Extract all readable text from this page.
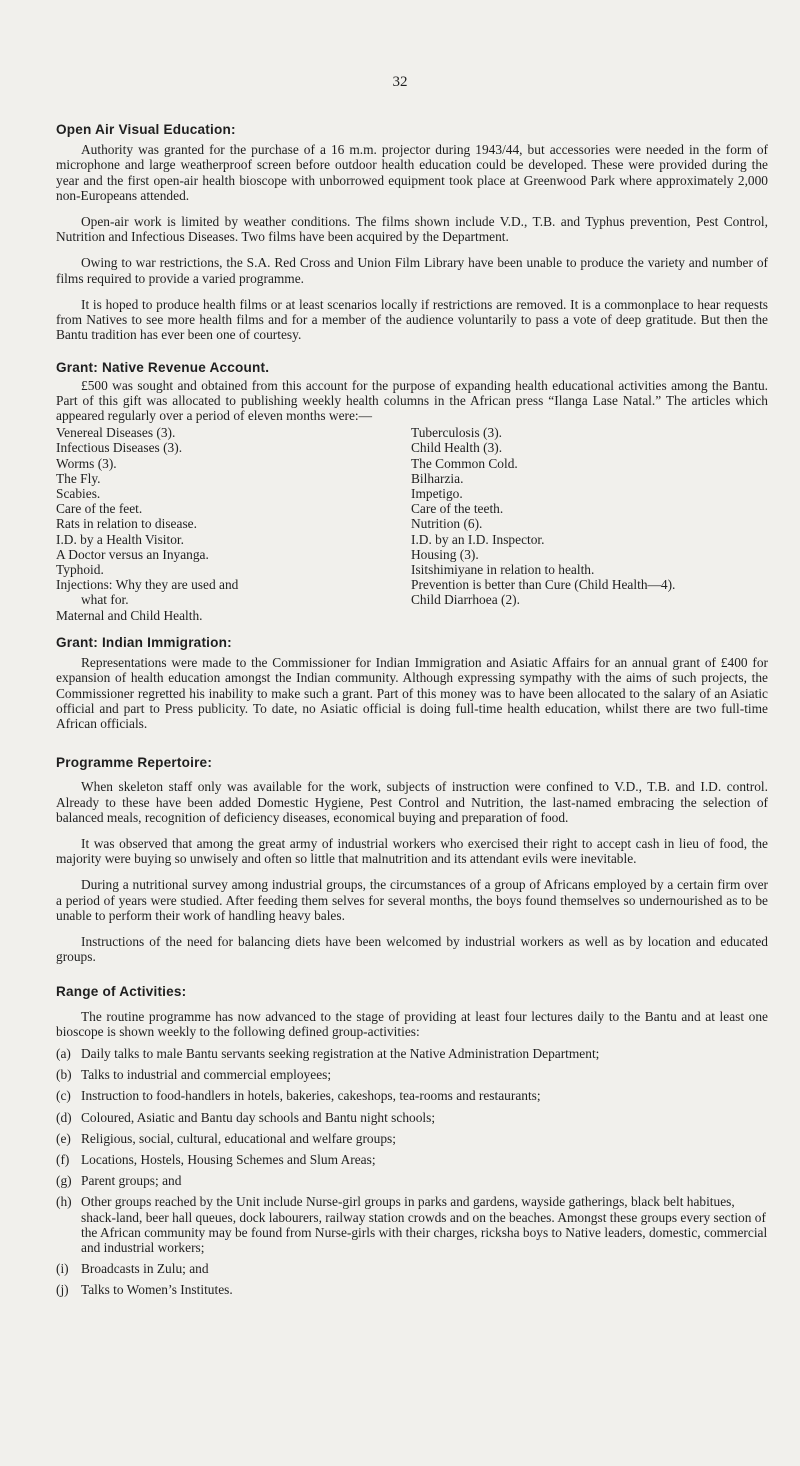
32
Open Air Visual Education:

Authority was granted for the purchase of a 16 m.m. projector during 1943/44, but accessories were needed in the form of microphone and large weatherproof screen before outdoor health education could be developed. These were provided during the year and the first open-air health bioscope with unborrowed equipment took place at Greenwood Park where approximately 2,000 non-Europeans attended.

Open-air work is limited by weather conditions. The films shown include V.D., T.B. and Typhus prevention, Pest Control, Nutrition and Infectious Diseases. Two films have been acquired by the Department.

Owing to war restrictions, the S.A. Red Cross and Union Film Library have been unable to produce the variety and number of films required to provide a varied programme.

It is hoped to produce health films or at least scenarios locally if restrictions are removed. It is a commonplace to hear requests from Natives to see more health films and for a member of the audience voluntarily to pass a vote of deep gratitude. But then the Bantu tradition has ever been one of courtesy.

Grant: Native Revenue Account.

£500 was sought and obtained from this account for the purpose of expanding health educational activities among the Bantu. Part of this gift was allocated to publishing weekly health columns in the African press “Ilanga Lase Natal.” The articles which appeared regularly over a period of eleven months were:—

Venereal Diseases (3).
Infectious Diseases (3).
Worms (3).
The Fly.
Scabies.
Care of the feet.
Rats in relation to disease.
I.D. by a Health Visitor.
A Doctor versus an Inyanga.
Typhoid.
Injections: Why they are used and
what for.
Maternal and Child Health.
Tuberculosis (3).
Child Health (3).
The Common Cold.
Bilharzia.
Impetigo.
Care of the teeth.
Nutrition (6).
I.D. by an I.D. Inspector.
Housing (3).
Isitshimiyane in relation to health.
Prevention is better than Cure (Child Health—4).
Child Diarrhoea (2).
Grant: Indian Immigration:

Representations were made to the Commissioner for Indian Immigration and Asiatic Affairs for an annual grant of £400 for expansion of health education amongst the Indian community. Although expressing sympathy with the aims of such projects, the Commissioner regretted his inability to make such a grant. Part of this money was to have been allocated to the salary of an Asiatic official and part to Press publicity. To date, no Asiatic official is doing full-time health education, whilst there are two full-time African officials.

Programme Repertoire:

When skeleton staff only was available for the work, subjects of instruction were confined to V.D., T.B. and I.D. control. Already to these have been added Domestic Hygiene, Pest Control and Nutrition, the last-named embracing the selection of balanced meals, recognition of deficiency diseases, economical buying and preparation of food.

It was observed that among the great army of industrial workers who exercised their right to accept cash in lieu of food, the majority were buying so unwisely and often so little that malnutrition and its attendant evils were inevitable.

During a nutritional survey among industrial groups, the circumstances of a group of Africans employed by a certain firm over a period of years were studied. After feeding them selves for several months, the boys found themselves so undernourished as to be unable to perform their work of handling heavy bales.

Instructions of the need for balancing diets have been welcomed by industrial workers as well as by location and educated groups.

Range of Activities:

The routine programme has now advanced to the stage of providing at least four lectures daily to the Bantu and at least one bioscope is shown weekly to the following defined group-activities:

(a) Daily talks to male Bantu servants seeking registration at the Native Administration Department;
(b) Talks to industrial and commercial employees;
(c) Instruction to food-handlers in hotels, bakeries, cakeshops, tea-rooms and restaurants;
(d) Coloured, Asiatic and Bantu day schools and Bantu night schools;
(e) Religious, social, cultural, educational and welfare groups;
(f) Locations, Hostels, Housing Schemes and Slum Areas;
(g) Parent groups; and
(h) Other groups reached by the Unit include Nurse-girl groups in parks and gardens, wayside gatherings, black belt habitues, shack-land, beer hall queues, dock labourers, railway station crowds and on the beaches. Amongst these groups every section of the African community may be found from Nurse-girls with their charges, ricksha boys to Native leaders, domestic, commercial and industrial workers;
(i) Broadcasts in Zulu; and
(j) Talks to Women’s Institutes.
